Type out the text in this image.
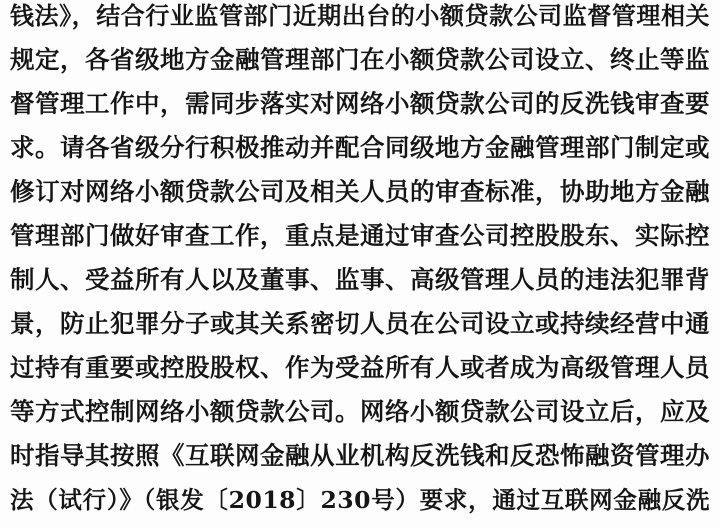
钱法》，结合行业监管部门近期出台的小额贷款公司监督管理相关
规定，各省级地方金融管理部门在小额贷款公司设立、终止等监
督管理工作中，需同步落实对网络小额贷款公司的反洗钱审查要
求。请各省级分行积极推动并配合同级地方金融管理部门制定或
修订对网络小额贷款公司及相关人员的审查标准，协助地方金融
管理部门做好审查工作，重点是通过审查公司控股股东、实际控
制人、受益所有人以及董事、监事、高级管理人员的违法犯罪背
景，防止犯罪分子或其关系密切人员在公司设立或持续经营中通
过持有重要或控股股权、作为受益所有人或者成为高级管理人员
等方式控制网络小额贷款公司。网络小额贷款公司设立后，应及
时指导其按照《互联网金融从业机构反洗钱和反恐怖融资管理办
法（试行）》（银发〔2018〕230号）要求，通过互联网金融反洗
